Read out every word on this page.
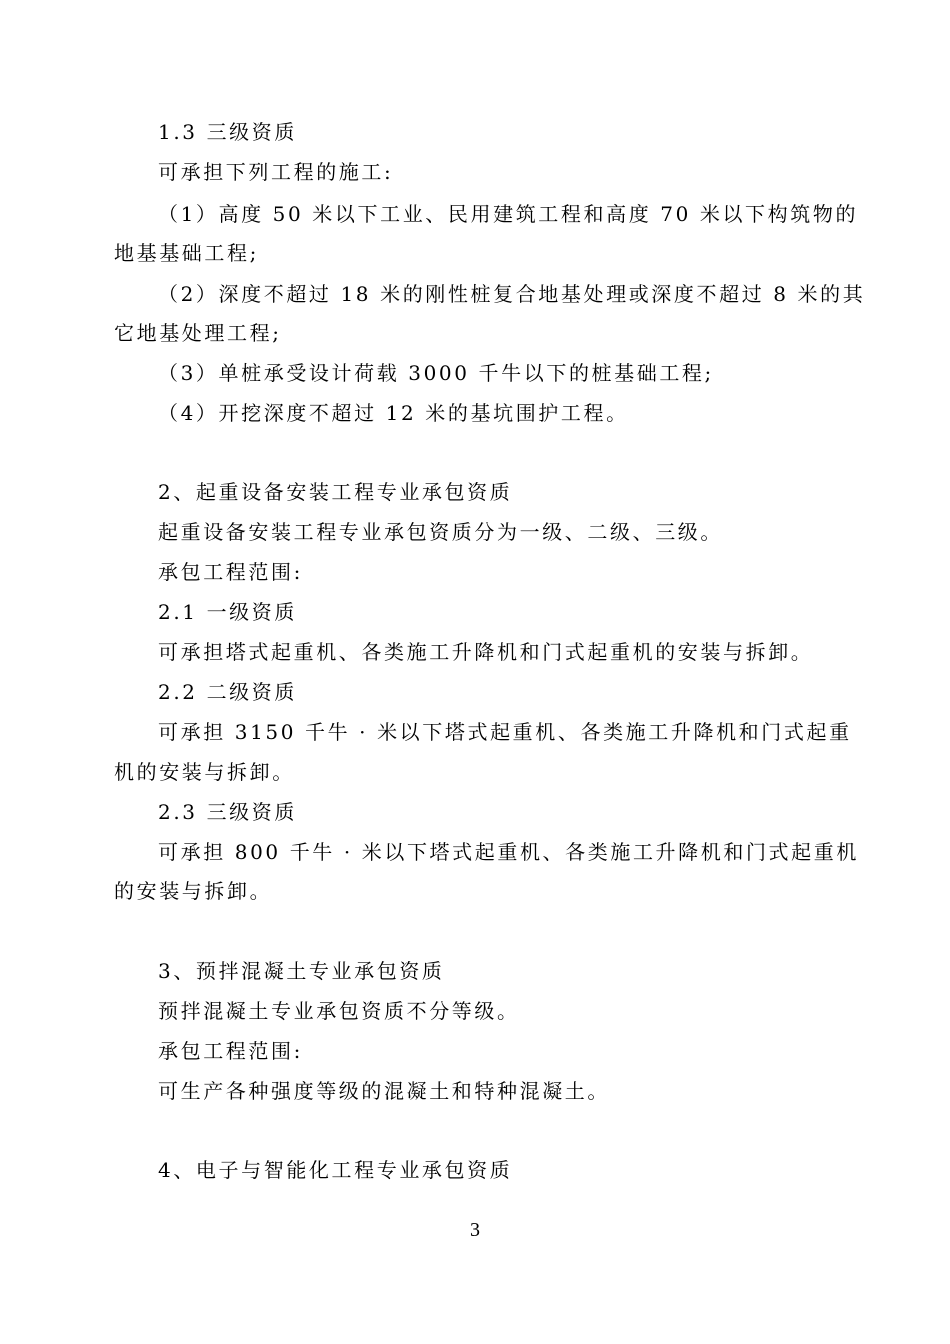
1.3 三级资质
可承担下列工程的施工:
（1）高度 50 米以下工业、民用建筑工程和高度 70 米以下构筑物的
地基基础工程;
（2）深度不超过 18 米的刚性桩复合地基处理或深度不超过 8 米的其
它地基处理工程;
（3）单桩承受设计荷载 3000 千牛以下的桩基础工程;
（4）开挖深度不超过 12 米的基坑围护工程。
2、起重设备安装工程专业承包资质
起重设备安装工程专业承包资质分为一级、二级、三级。
承包工程范围:
2.1 一级资质
可承担塔式起重机、各类施工升降机和门式起重机的安装与拆卸。
2.2 二级资质
可承担 3150 千牛 · 米以下塔式起重机、各类施工升降机和门式起重
机的安装与拆卸。
2.3 三级资质
可承担 800 千牛 · 米以下塔式起重机、各类施工升降机和门式起重机
的安装与拆卸。
3、预拌混凝土专业承包资质
预拌混凝土专业承包资质不分等级。
承包工程范围:
可生产各种强度等级的混凝土和特种混凝土。
4、电子与智能化工程专业承包资质
3
